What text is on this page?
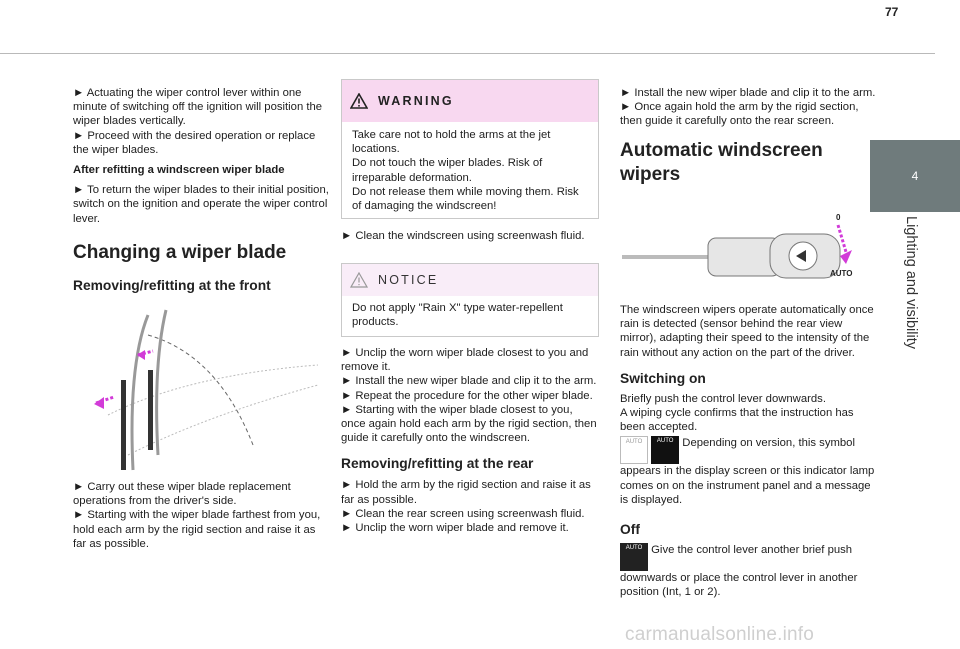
77
4
Lighting and visibility

► Actuating the wiper control lever within one minute of switching off the ignition will position the wiper blades vertically.

► Proceed with the desired operation or replace the wiper blades.

After refitting a windscreen wiper blade

► To return the wiper blades to their initial position, switch on the ignition and operate the wiper control lever.

Changing a wiper blade

Removing/refitting at the front

► Carry out these wiper blade replacement operations from the driver's side.

► Starting with the wiper blade farthest from you, hold each arm by the rigid section and raise it as far as possible.

WARNING

Take care not to hold the arms at the jet locations.

Do not touch the wiper blades. Risk of irreparable deformation.

Do not release them while moving them. Risk of damaging the windscreen!

► Clean the windscreen using screenwash fluid.

NOTICE
Do not apply "Rain X" type water-repellent products.

► Unclip the worn wiper blade closest to you and remove it.

► Install the new wiper blade and clip it to the arm.

► Repeat the procedure for the other wiper blade.

► Starting with the wiper blade closest to you, once again hold each arm by the rigid section, then guide it carefully onto the windscreen.

Removing/refitting at the rear

► Hold the arm by the rigid section and raise it as far as possible.

► Clean the rear screen using screenwash fluid.

► Unclip the worn wiper blade and remove it.

► Install the new wiper blade and clip it to the arm.

► Once again hold the arm by the rigid section, then guide it carefully onto the rear screen.

Automatic windscreen

wipers

0
AUTO

The windscreen wipers operate automatically once rain is detected (sensor behind the rear view mirror), adapting their speed to the intensity of the rain without any action on the part of the driver.

Switching on

Briefly push the control lever downwards.

A wiping cycle confirms that the instruction has been accepted.

AUTO AUTO Depending on version, this symbol appears in the display screen or this indicator lamp comes on on the instrument panel and a message is displayed.

Off

AUTO Give the control lever another brief push downwards or place the control lever in another position (Int, 1 or 2).
carmanualsonline.info
